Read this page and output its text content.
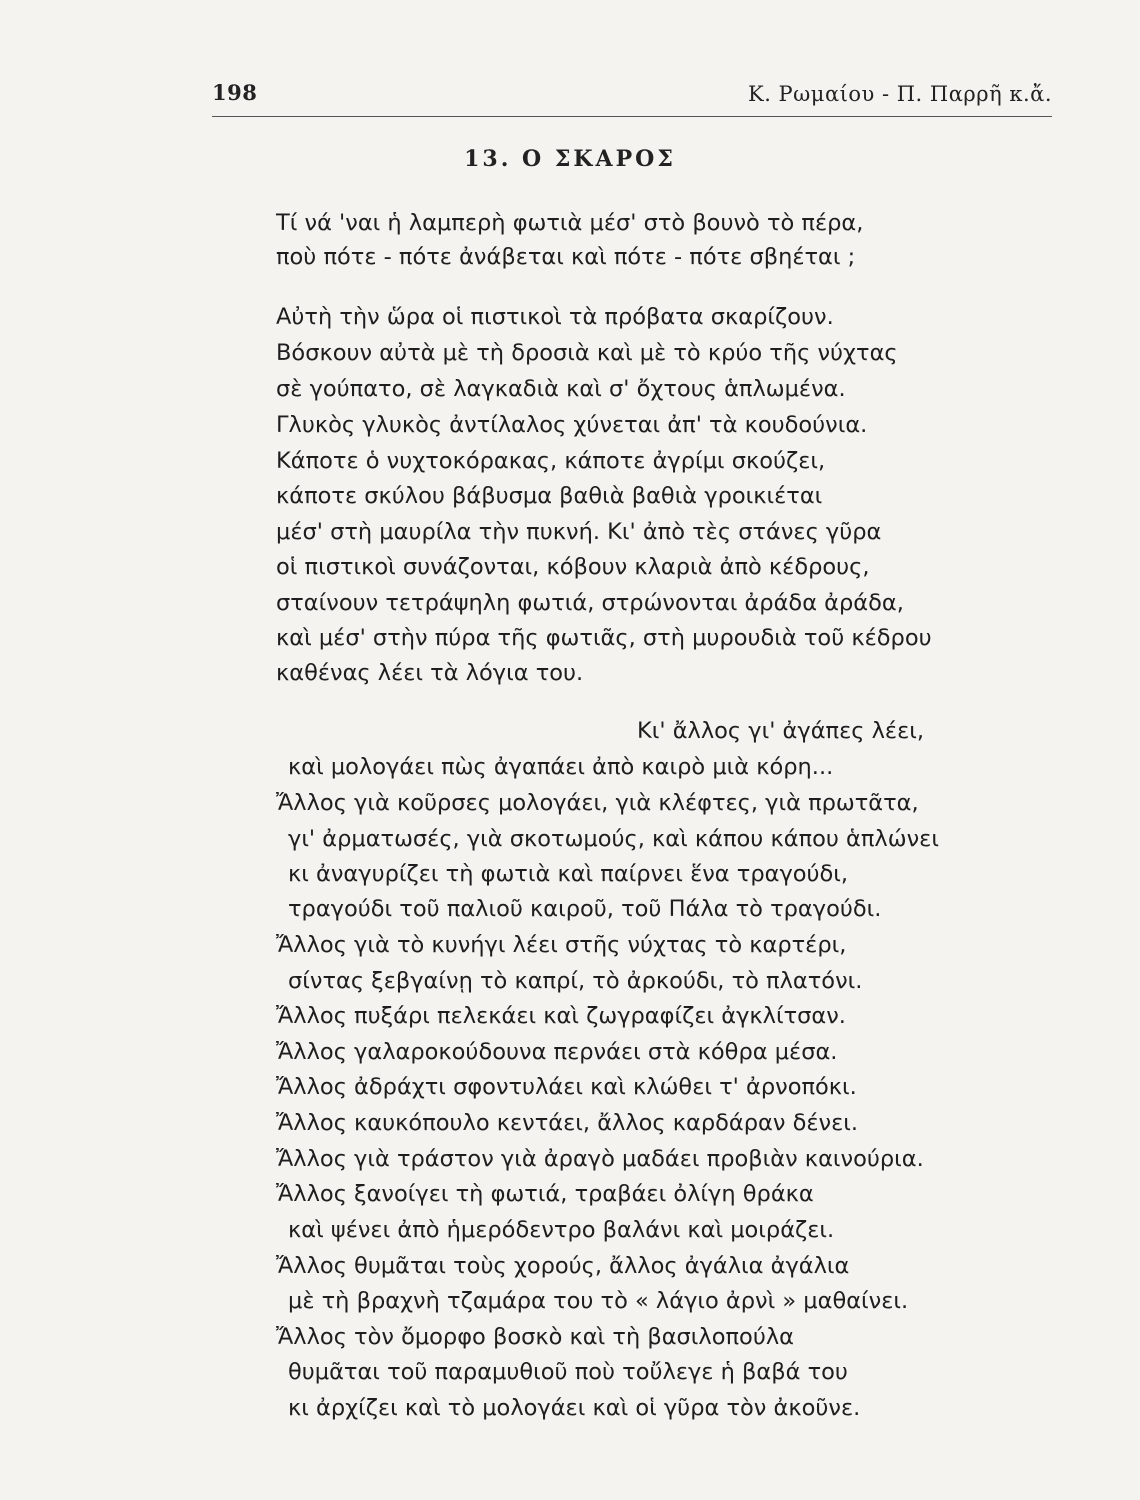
198	Κ. Ρωμαίου - Π. Παρρῆ κ.ἄ.
13. Ο ΣΚΑΡΟΣ
Τί νά 'ναι ἡ λαμπερὴ φωτιὰ μέσ' στὸ βουνὸ τὸ πέρα,
ποὺ πότε - πότε ἀνάβεται καὶ πότε - πότε σβηέται ;
Αὐτὴ τὴν ὥρα οἱ πιστικοὶ τὰ πρόβατα σκαρίζουν.
Βόσκουν αὐτὰ μὲ τὴ δροσιὰ καὶ μὲ τὸ κρύο τῆς νύχτας
σὲ γούπατο, σὲ λαγκαδιὰ καὶ σ' ὄχτους ἁπλωμένα.
Γλυκὸς γλυκὸς ἀντίλαλος χύνεται ἀπ' τὰ κουδούνια.
Κάποτε ὁ νυχτοκόρακας, κάποτε ἀγρίμι σκούζει,
κάποτε σκύλου βάβυσμα βαθιὰ βαθιὰ γροικιέται
μέσ' στὴ μαυρίλα τὴν πυκνή. Κι' ἀπὸ τὲς στάνες γῦρα
οἱ πιστικοὶ συνάζονται, κόβουν κλαριὰ ἀπὸ κέδρους,
σταίνουν τετράψηλη φωτιά, στρώνονται ἀράδα ἀράδα,
καὶ μέσ' στὴν πύρα τῆς φωτιᾶς, στὴ μυρουδιὰ τοῦ κέδρου
καθένας λέει τὰ λόγια του.
Κι' ἄλλος γι' ἀγάπες λέει,
καὶ μολογάει πὼς ἀγαπάει ἀπὸ καιρὸ μιὰ κόρη...
Ἄλλος γιὰ κοῦρσες μολογάει, γιὰ κλέφτες, γιὰ πρωτᾶτα,
γι' ἀρματωσές, γιὰ σκοτωμούς, καὶ κάπου κάπου ἁπλώνει
κι ἀναγυρίζει τὴ φωτιὰ καὶ παίρνει ἕνα τραγούδι,
τραγούδι τοῦ παλιοῦ καιροῦ, τοῦ Πάλα τὸ τραγούδι.
Ἄλλος γιὰ τὸ κυνήγι λέει στῆς νύχτας τὸ καρτέρι,
σίντας ξεβγαίνῃ τὸ καπρί, τὸ ἀρκούδι, τὸ πλατόνι.
Ἄλλος πυξάρι πελεκάει καὶ ζωγραφίζει ἀγκλίτσαν.
Ἄλλος γαλαροκούδουνα περνάει στὰ κόθρα μέσα.
Ἄλλος ἀδράχτι σφοντυλάει καὶ κλώθει τ' ἀρνοπόκι.
Ἄλλος καυκόπουλο κεντάει, ἄλλος καρδάραν δένει.
Ἄλλος γιὰ τράστον γιὰ ἀραγὸ μαδάει προβιὰν καινούρια.
Ἄλλος ξανοίγει τὴ φωτιά, τραβάει ὀλίγη θράκα
καὶ ψένει ἀπὸ ἡμερόδεντρο βαλάνι καὶ μοιράζει.
Ἄλλος θυμᾶται τοὺς χορούς, ἄλλος ἀγάλια ἀγάλια
μὲ τὴ βραχνὴ τζαμάρα του τὸ « λάγιο ἀρνὶ » μαθαίνει.
Ἄλλος τὸν ὄμορφο βοσκὸ καὶ τὴ βασιλοπούλα
θυμᾶται τοῦ παραμυθιοῦ ποὺ τοὔλεγε ἡ βαβά του
κι ἀρχίζει καὶ τὸ μολογάει καὶ οἱ γῦρα τὸν ἀκοῦνε.
